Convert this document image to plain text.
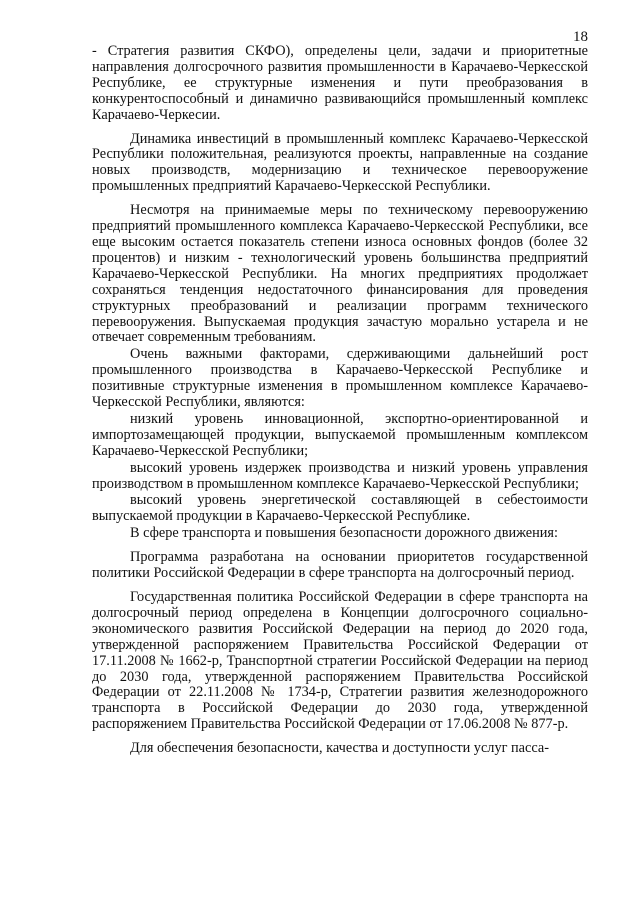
18

- Стратегия развития СКФО), определены цели, задачи и приоритетные направления долгосрочного развития промышленности в Карачаево-Черкесской Республике, ее структурные изменения и пути преобразования в конкурентоспособный и динамично развивающийся промышленный комплекс Карачаево-Черкесии.

Динамика инвестиций в промышленный комплекс Карачаево-Черкесской Республики положительная, реализуются проекты, направленные на создание новых производств, модернизацию и техническое перевооружение промышленных предприятий Карачаево-Черкесской Республики.

Несмотря на принимаемые меры по техническому перевооружению предприятий промышленного комплекса Карачаево-Черкесской Республики, все еще высоким остается показатель степени износа основных фондов (более 32 процентов) и низким - технологический уровень большинства предприятий Карачаево-Черкесской Республики. На многих предприятиях продолжает сохраняться тенденция недостаточного финансирования для проведения структурных преобразований и реализации программ технического перевооружения. Выпускаемая продукция зачастую морально устарела и не отвечает современным требованиям.

Очень важными факторами, сдерживающими дальнейший рост промышленного производства в Карачаево-Черкесской Республике и позитивные структурные изменения в промышленном комплексе Карачаево-Черкесской Республики, являются:

низкий уровень инновационной, экспортно-ориентированной и импортозамещающей продукции, выпускаемой промышленным комплексом Карачаево-Черкесской Республики;

высокий уровень издержек производства и низкий уровень управления производством в промышленном комплексе Карачаево-Черкесской Республики;

высокий уровень энергетической составляющей в себестоимости выпускаемой продукции в Карачаево-Черкесской Республике.

В сфере транспорта и повышения безопасности дорожного движения:

Программа разработана на основании приоритетов государственной политики Российской Федерации в сфере транспорта на долгосрочный период.

Государственная политика Российской Федерации в сфере транспорта на долгосрочный период определена в Концепции долгосрочного социально-экономического развития Российской Федерации на период до 2020 года, утвержденной распоряжением Правительства Российской Федерации от 17.11.2008 № 1662-р, Транспортной стратегии Российской Федерации на период до 2030 года, утвержденной распоряжением Правительства Российской Федерации от 22.11.2008 № 1734-р, Стратегии развития железнодорожного транспорта в Российской Федерации до 2030 года, утвержденной распоряжением Правительства Российской Федерации от 17.06.2008 № 877-р.

Для обеспечения безопасности, качества и доступности услуг пасса-
